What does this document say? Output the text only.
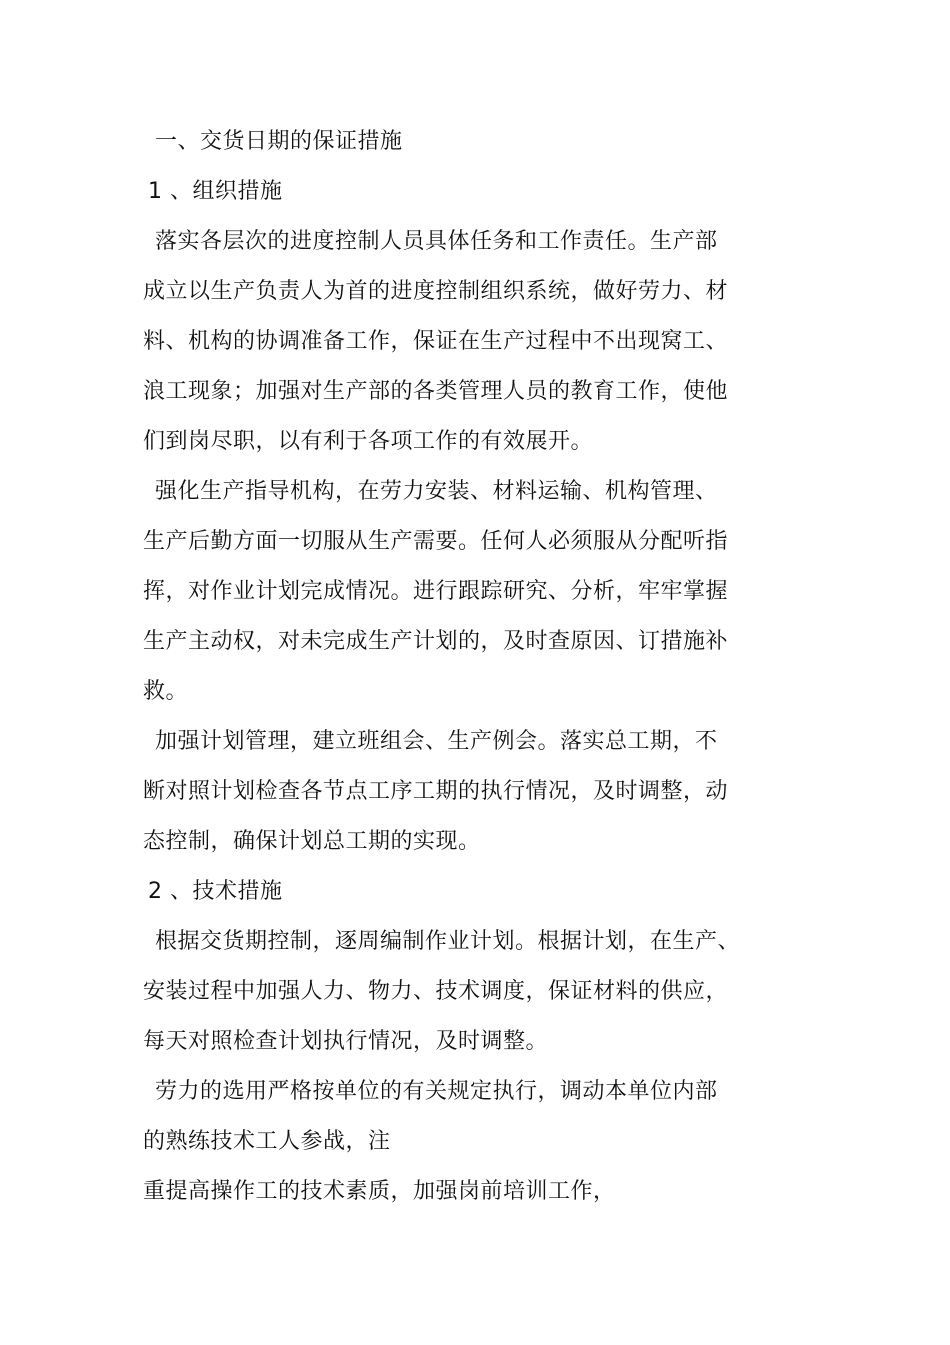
一、交货日期的保证措施
1 、组织措施
落实各层次的进度控制人员具体任务和工作责任。生产部
成立以生产负责人为首的进度控制组织系统，做好劳力、材
料、机构的协调准备工作，保证在生产过程中不出现窝工、
浪工现象；加强对生产部的各类管理人员的教育工作，使他
们到岗尽职，以有利于各项工作的有效展开。
强化生产指导机构，在劳力安装、材料运输、机构管理、
生产后勤方面一切服从生产需要。任何人必须服从分配听指
挥，对作业计划完成情况。进行跟踪研究、分析，牢牢掌握
生产主动权，对未完成生产计划的，及时查原因、订措施补
救。
加强计划管理，建立班组会、生产例会。落实总工期，不
断对照计划检查各节点工序工期的执行情况，及时调整，动
态控制，确保计划总工期的实现。
2 、技术措施
根据交货期控制，逐周编制作业计划。根据计划，在生产、
安装过程中加强人力、物力、技术调度，保证材料的供应，
每天对照检查计划执行情况，及时调整。
劳力的选用严格按单位的有关规定执行，调动本单位内部
的熟练技术工人参战，注
重提高操作工的技术素质，加强岗前培训工作，
